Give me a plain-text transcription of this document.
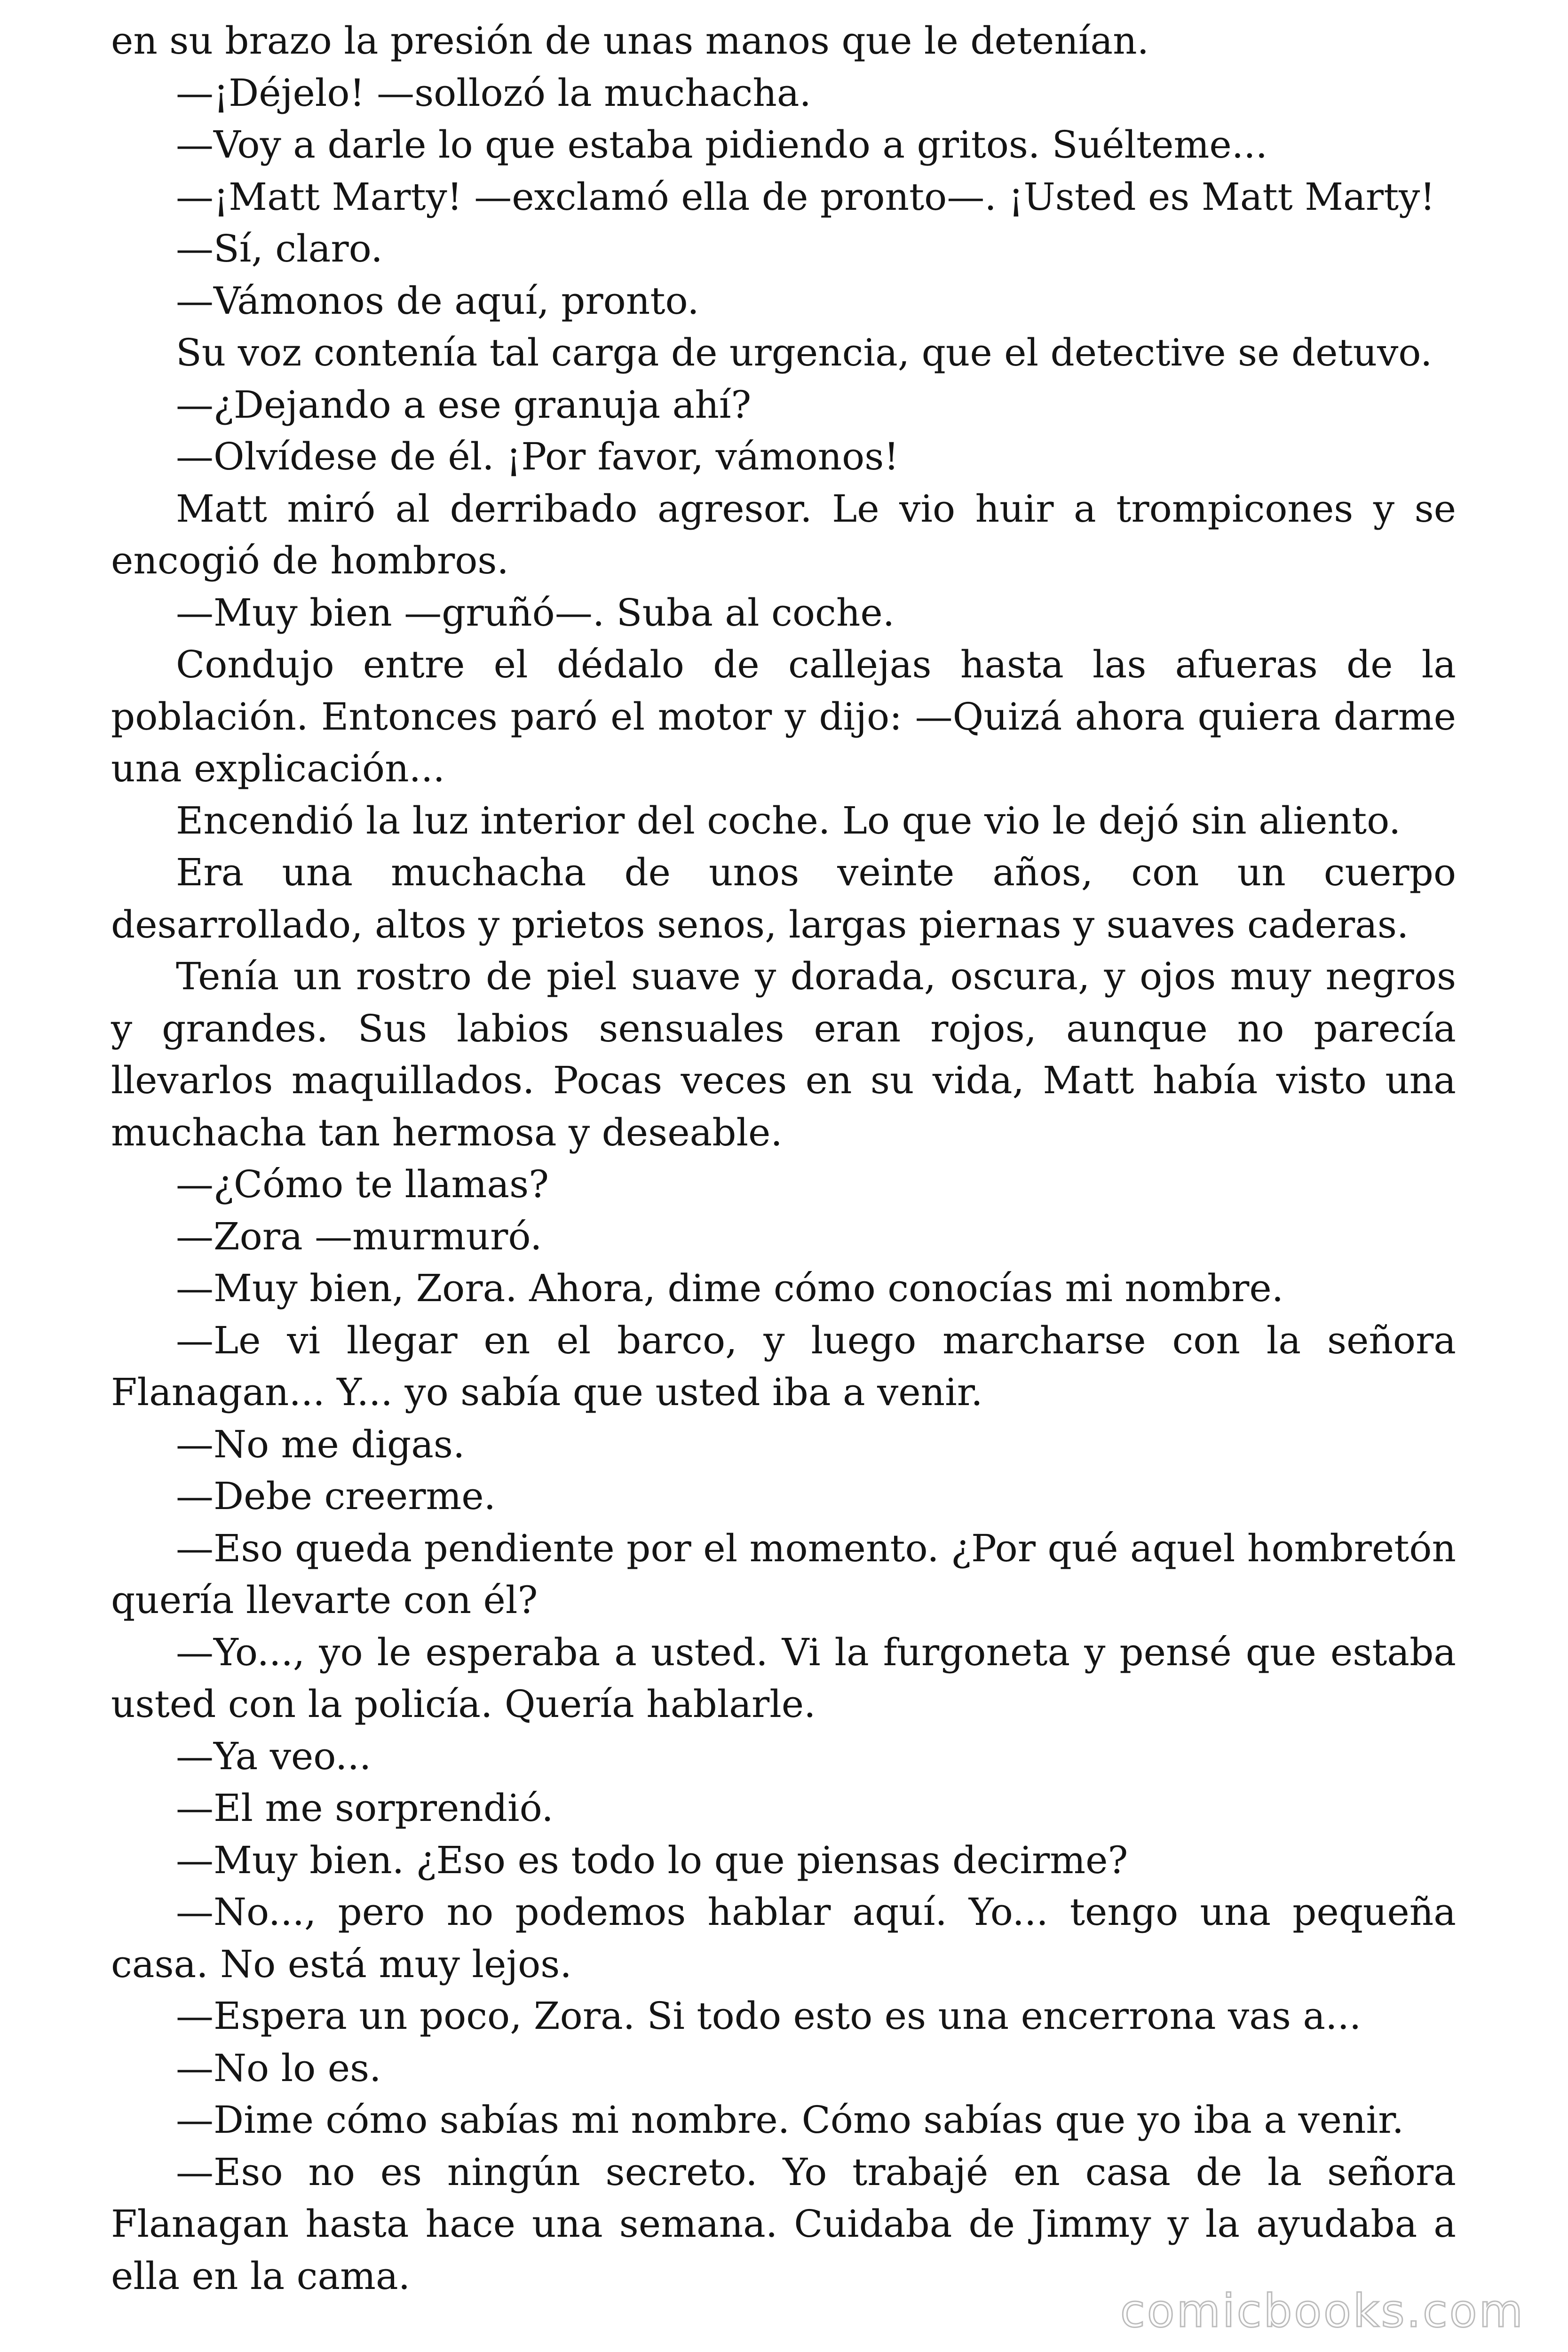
en su brazo la presión de unas manos que le detenían.

—¡Déjelo! —sollozó la muchacha.

—Voy a darle lo que estaba pidiendo a gritos. Suélteme...

—¡Matt Marty! —exclamó ella de pronto—. ¡Usted es Matt Marty!

—Sí, claro.

—Vámonos de aquí, pronto.

Su voz contenía tal carga de urgencia, que el detective se detuvo.

—¿Dejando a ese granuja ahí?

—Olvídese de él. ¡Por favor, vámonos!

Matt miró al derribado agresor. Le vio huir a trompicones y se encogió de hombros.

—Muy bien —gruñó—. Suba al coche.

Condujo entre el dédalo de callejas hasta las afueras de la población. Entonces paró el motor y dijo: —Quizá ahora quiera darme una explicación...

Encendió la luz interior del coche. Lo que vio le dejó sin aliento.

Era una muchacha de unos veinte años, con un cuerpo desarrollado, altos y prietos senos, largas piernas y suaves caderas.

Tenía un rostro de piel suave y dorada, oscura, y ojos muy negros y grandes. Sus labios sensuales eran rojos, aunque no parecía llevarlos maquillados. Pocas veces en su vida, Matt había visto una muchacha tan hermosa y deseable.

—¿Cómo te llamas?

—Zora —murmuró.

—Muy bien, Zora. Ahora, dime cómo conocías mi nombre.

—Le vi llegar en el barco, y luego marcharse con la señora Flanagan... Y... yo sabía que usted iba a venir.

—No me digas.

—Debe creerme.

—Eso queda pendiente por el momento. ¿Por qué aquel hombretón quería llevarte con él?

—Yo..., yo le esperaba a usted. Vi la furgoneta y pensé que estaba usted con la policía. Quería hablarle.

—Ya veo...

—El me sorprendió.

—Muy bien. ¿Eso es todo lo que piensas decirme?

—No..., pero no podemos hablar aquí. Yo... tengo una pequeña casa. No está muy lejos.

—Espera un poco, Zora. Si todo esto es una encerrona vas a...

—No lo es.

—Dime cómo sabías mi nombre. Cómo sabías que yo iba a venir.

—Eso no es ningún secreto. Yo trabajé en casa de la señora Flanagan hasta hace una semana. Cuidaba de Jimmy y la ayudaba a ella en la cama.

comicbooks.com
